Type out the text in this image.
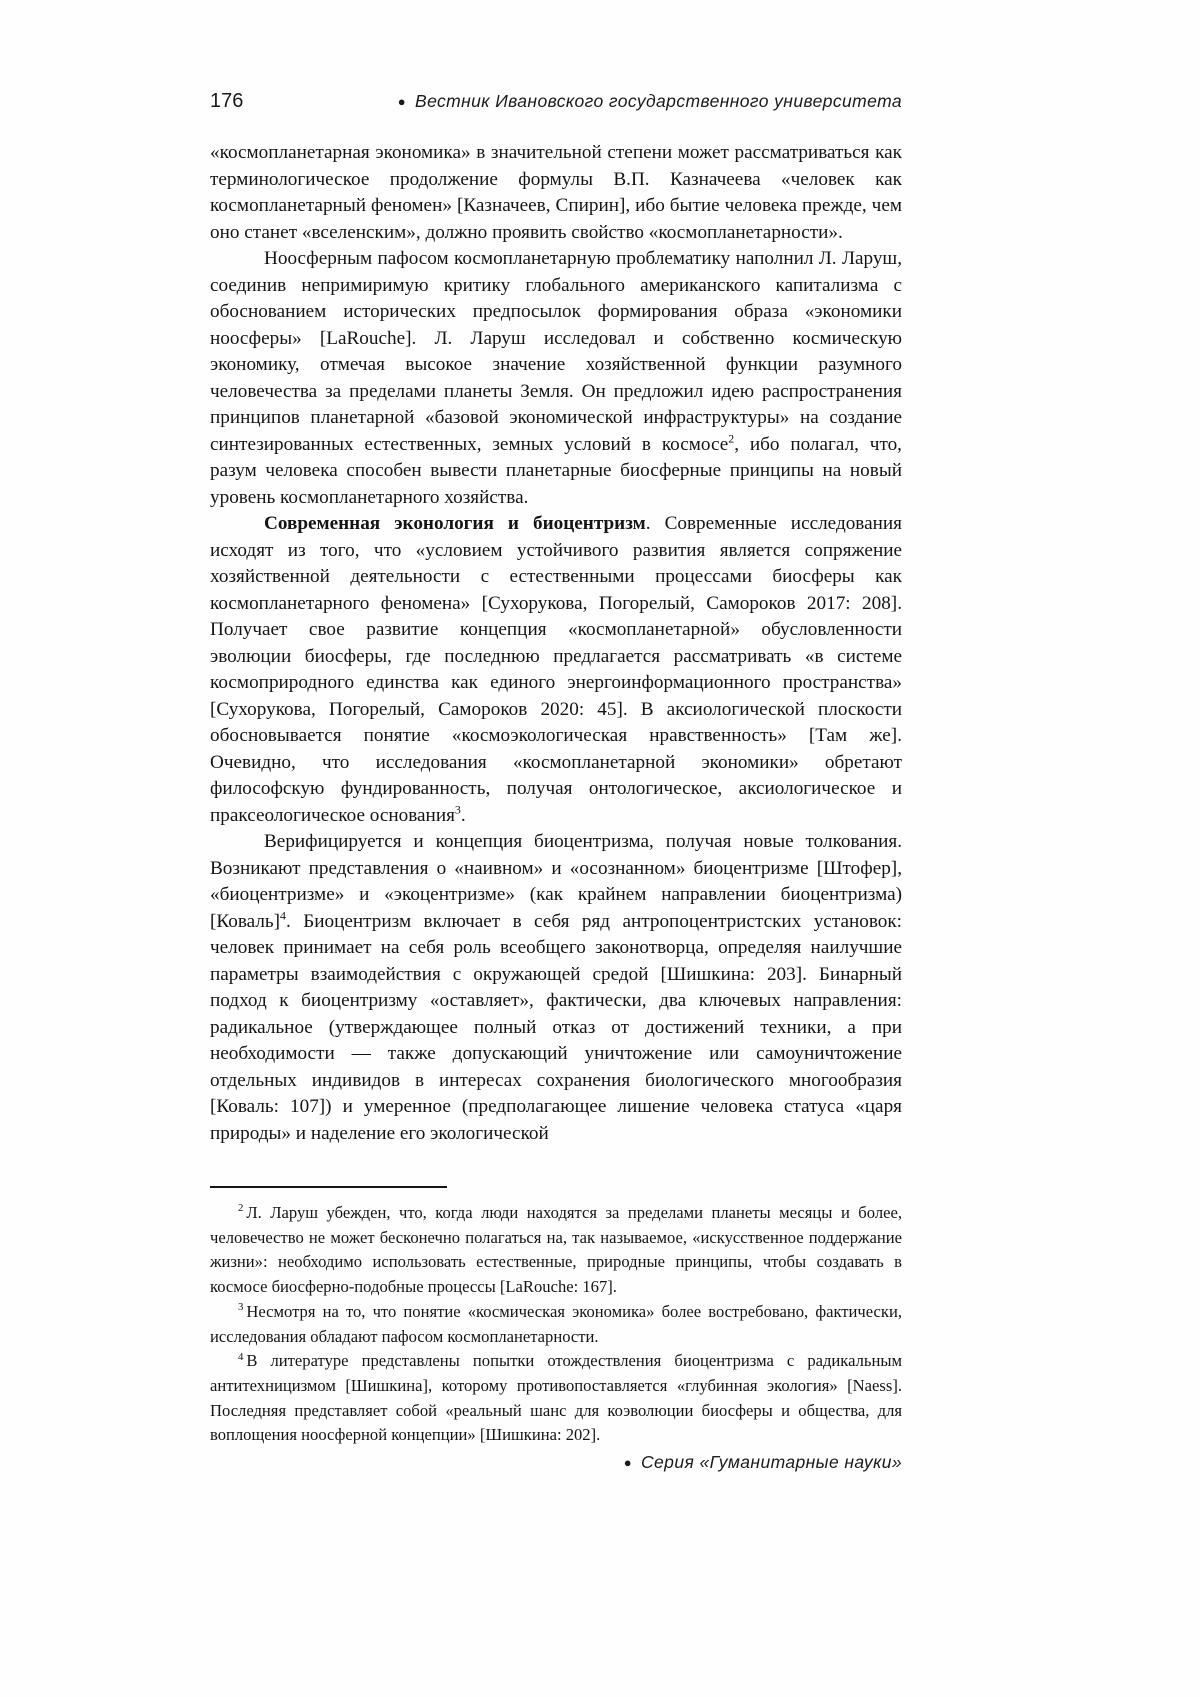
176	● Вестник Ивановского государственного университета

«космопланетарная экономика» в значительной степени может рассматриваться как терминологическое продолжение формулы В.П. Казначеева «человек как космопланетарный феномен» [Казначеев, Спирин], ибо бытие человека прежде, чем оно станет «вселенским», должно проявить свойство «космопланетарности».

Ноосферным пафосом космопланетарную проблематику наполнил Л. Ларуш, соединив непримиримую критику глобального американского капитализма с обоснованием исторических предпосылок формирования образа «экономики ноосферы» [LaRouche]. Л. Ларуш исследовал и собственно космическую экономику, отмечая высокое значение хозяйственной функции разумного человечества за пределами планеты Земля. Он предложил идею распространения принципов планетарной «базовой экономической инфраструктуры» на создание синтезированных естественных, земных условий в космосе$^2$, ибо полагал, что, разум человека способен вывести планетарные биосферные принципы на новый уровень космопланетарного хозяйства.

Современная эконология и биоцентризм. Современные исследования исходят из того, что «условием устойчивого развития является сопряжение хозяйственной деятельности с естественными процессами биосферы как космопланетарного феномена» [Сухорукова, Погорелый, Самороков 2017: 208]. Получает свое развитие концепция «космопланетарной» обусловленности эволюции биосферы, где последнюю предлагается рассматривать «в системе космоприродного единства как единого энергоинформационного пространства» [Сухорукова, Погорелый, Самороков 2020: 45]. В аксиологической плоскости обосновывается понятие «космоэкологическая нравственность» [Там же]. Очевидно, что исследования «космопланетарной экономики» обретают философскую фундированность, получая онтологическое, аксиологическое и праксеологическое основания$^3$.

Верифицируется и концепция биоцентризма, получая новые толкования. Возникают представления о «наивном» и «осознанном» биоцентризме [Штофер], «биоцентризме» и «экоцентризме» (как крайнем направлении биоцентризма) [Коваль]$^4$. Биоцентризм включает в себя ряд антропоцентристских установок: человек принимает на себя роль всеобщего законотворца, определяя наилучшие параметры взаимодействия с окружающей средой [Шишкина: 203]. Бинарный подход к биоцентризму «оставляет», фактически, два ключевых направления: радикальное (утверждающее полный отказ от достижений техники, а при необходимости — также допускающий уничтожение или самоуничтожение отдельных индивидов в интересах сохранения биологического многообразия [Коваль: 107]) и умеренное (предполагающее лишение человека статуса «царя природы» и наделение его экологической

$^2$ Л. Ларуш убежден, что, когда люди находятся за пределами планеты месяцы и более, человечество не может бесконечно полагаться на, так называемое, «искусственное поддержание жизни»: необходимо использовать естественные, природные принципы, чтобы создавать в космосе биосферно-подобные процессы [LaRouche: 167].

$^3$ Несмотря на то, что понятие «космическая экономика» более востребовано, фактически, исследования обладают пафосом космопланетарности.

$^4$ В литературе представлены попытки отождествления биоцентризма с радикальным антитехницизмом [Шишкина], которому противопоставляется «глубинная экология» [Naess]. Последняя представляет собой «реальный шанс для коэволюции биосферы и общества, для воплощения ноосферной концепции» [Шишкина: 202].

● Серия «Гуманитарные науки»
